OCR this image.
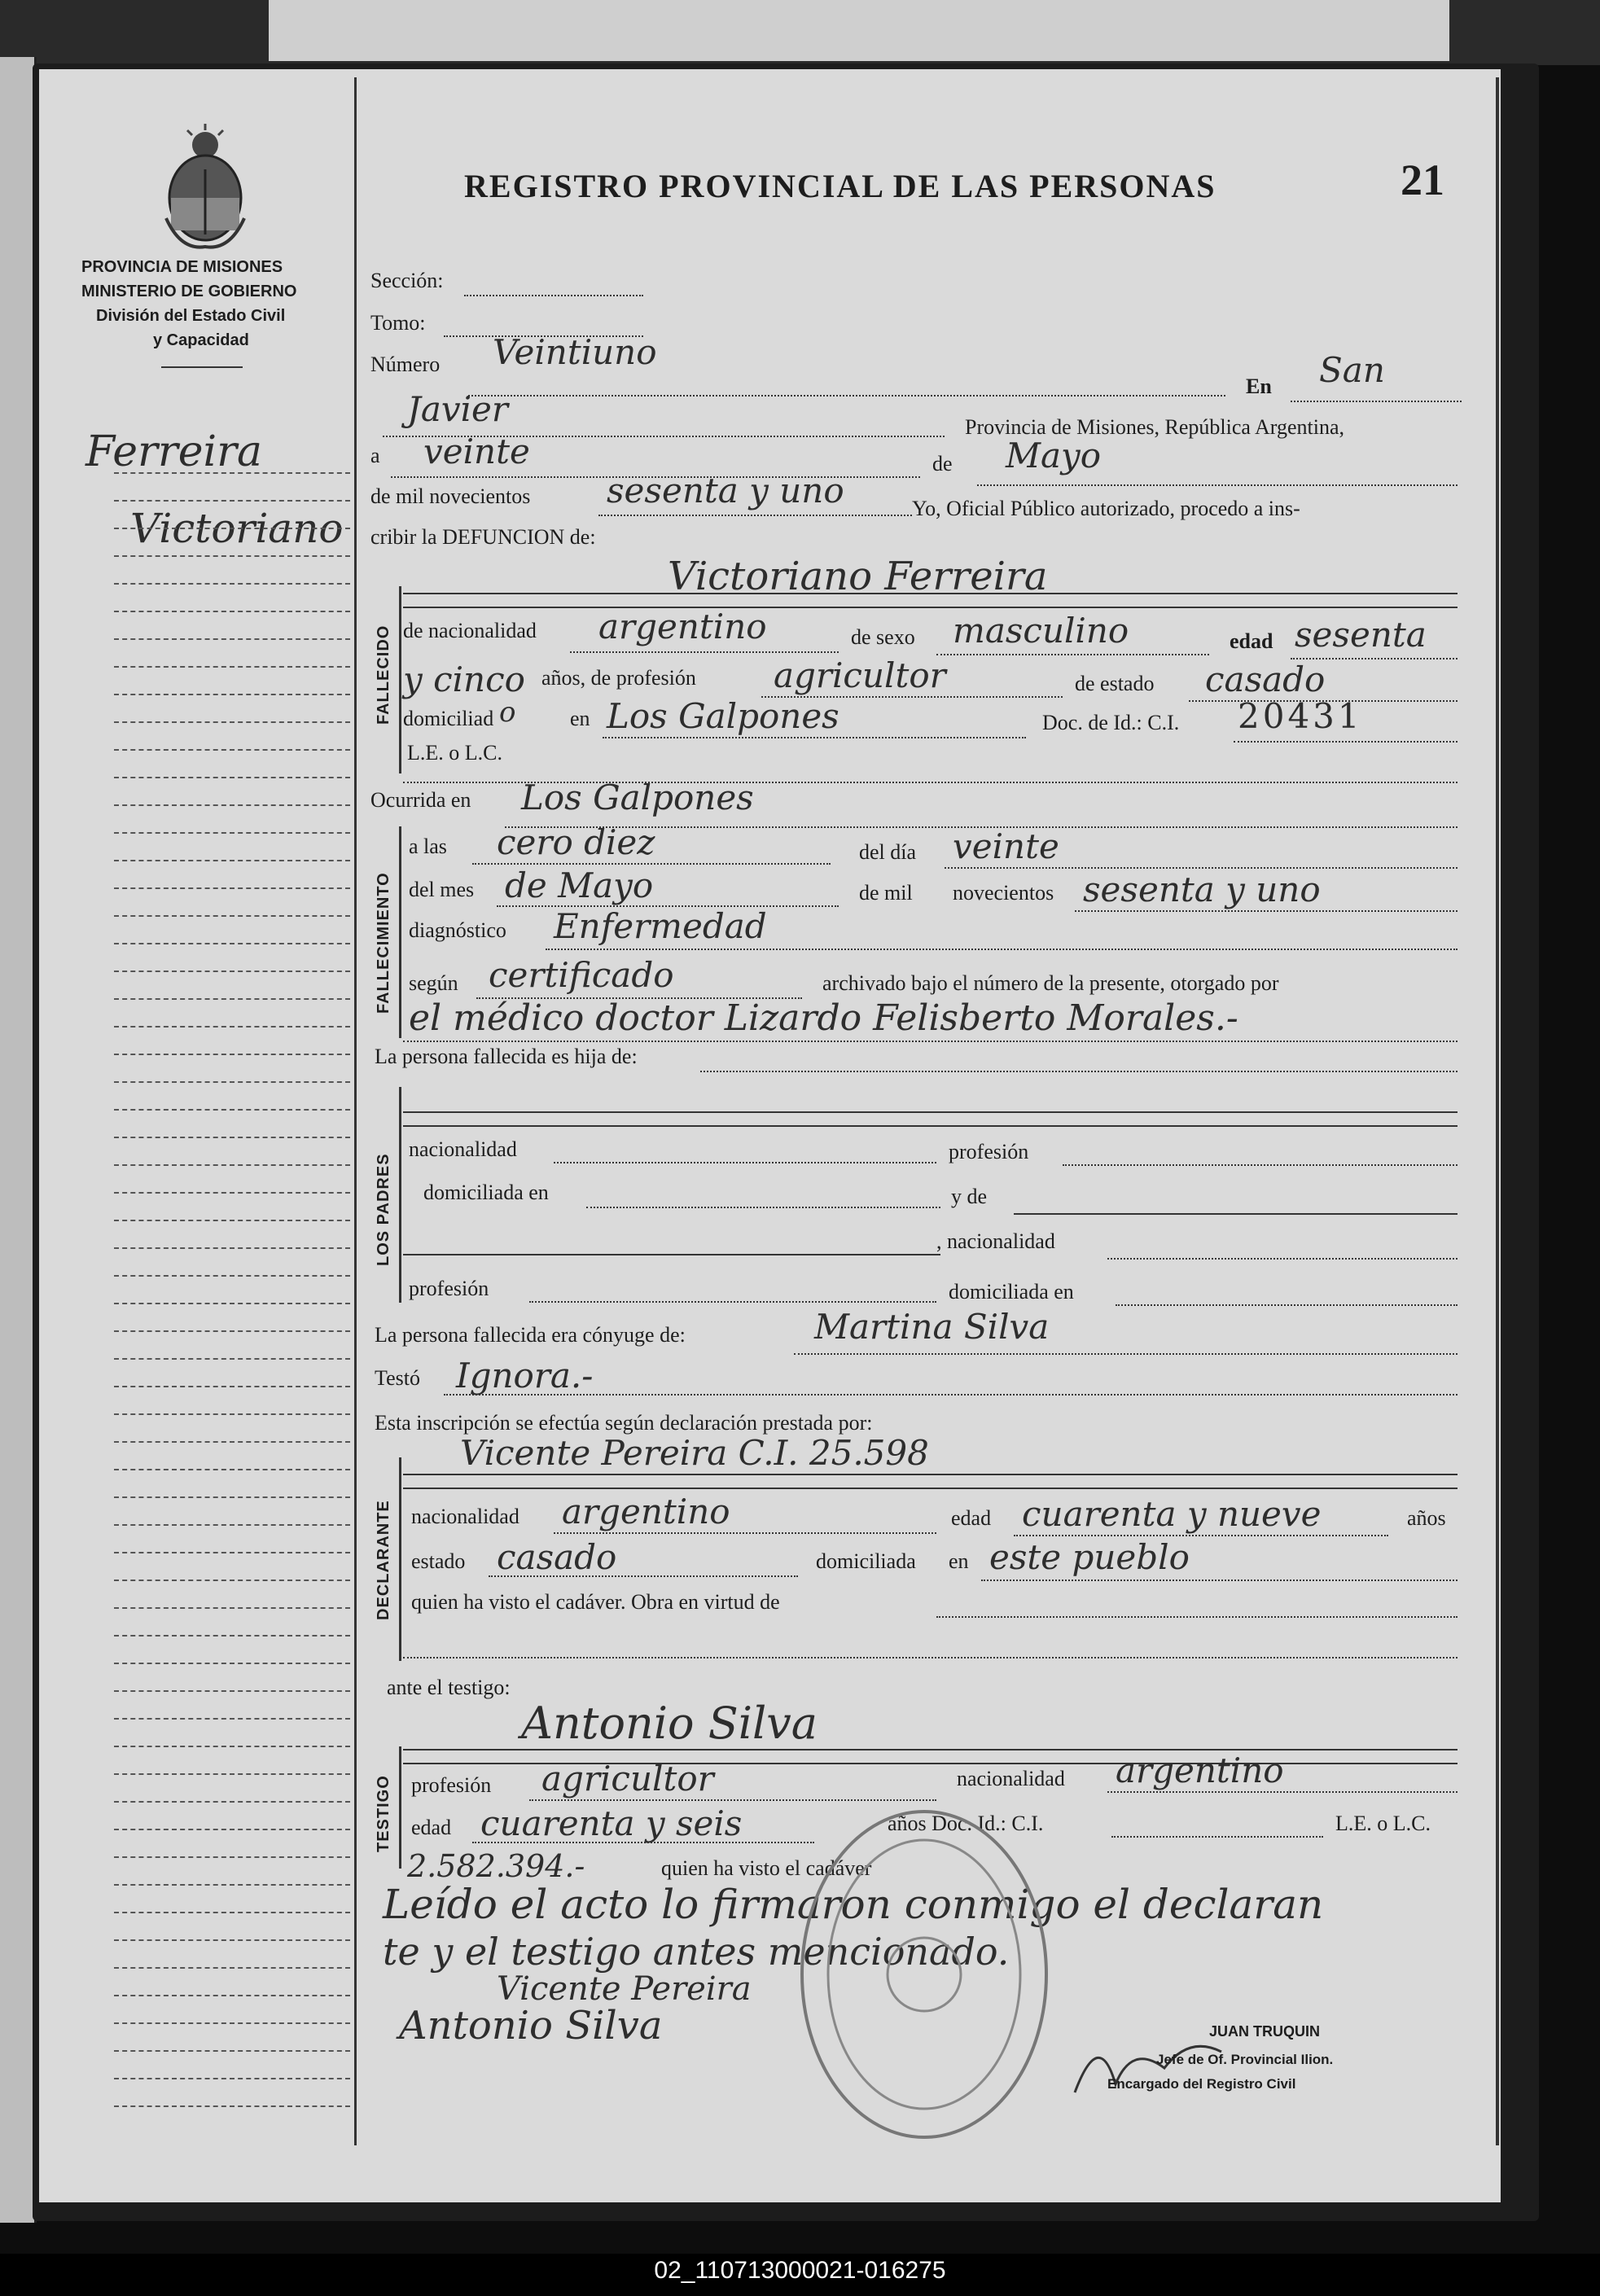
PROVINCIA DE MISIONES
MINISTERIO DE GOBIERNO
División del Estado Civil
y Capacidad
REGISTRO PROVINCIAL DE LAS PERSONAS	21
Ferreira
Victoriano
Sección:
Tomo:
Número Veintiuno
En San
Javier	Provincia de Misiones, República Argentina,
a veinte	de Mayo
de mil novecientos sesenta y uno	Yo, Oficial Público autorizado, procedo a ins-
cribir la DEFUNCION de:
FALLECIDO
Victoriano Ferreira
de nacionalidad argentino	de sexo masculino	edad sesenta
y cinco años, de profesión agricultor	de estado casado
domiciliad o	en Los Galpones	Doc. de Id.: C.I. 20431
L.E. o L.C.
Ocurrida en Los Galpones
FALLECIMIENTO
a las cero diez	del día veinte
del mes de Mayo	de mil novecientos sesenta y uno
diagnóstico Enfermedad
según certificado	archivado bajo el número de la presente, otorgado por
el médico doctor Lizardo Felisberto Morales.-
La persona fallecida es hija de:
LOS PADRES
nacionalidad	profesión
domiciliada en	y de
, nacionalidad
profesión	domiciliada en
La persona fallecida era cónyuge de:	Martina Silva
Testó Ignora.-
Esta inscripción se efectúa según declaración prestada por:
DECLARANTE
Vicente Pereira C.I. 25.598
nacionalidad argentino	edad cuarenta y nueve	años
estado casado	domiciliada en este pueblo
quien ha visto el cadáver. Obra en virtud de
ante el testigo:
Antonio Silva
TESTIGO profesión agricultor	nacionalidad argentino
edad cuarenta y seis	años Doc. Id.: C.I.	L.E. o L.C.
2.582.394.-	quien ha visto el cadáver
Leído el acto lo firmaron conmigo el declaran
te y el testigo antes mencionado.
Vicente Pereira
Antonio Silva	JUAN TRUQUIN
Jefe de Of. Provincial Ilion.
Encargado del Registro Civil
02_110713000021-016275
